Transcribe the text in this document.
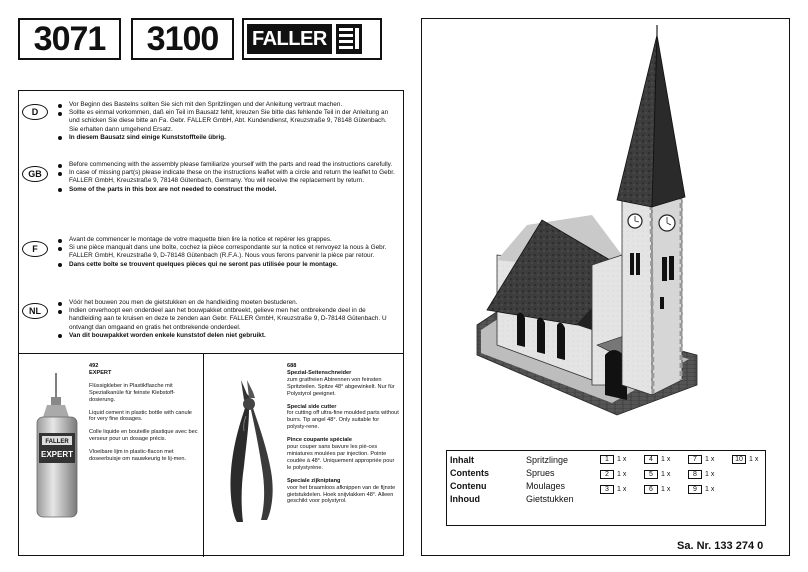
3071 3100 FALLER
D
Vor Beginn des Bastelns sollten Sie sich mit den Spritzlingen und der Anleitung vertraut machen.
Sollte es einmal vorkommen, daß ein Teil im Bausatz fehlt, kreuzen Sie bitte das fehlende Teil in der Anleitung an und schicken Sie diese bitte an Fa. Gebr. FALLER GmbH, Abt. Kundendienst, Kreuzstraße 9, 78148 Gütenbach. Sie erhalten dann umgehend Ersatz.
In diesem Bausatz sind einige Kunststoffteile übrig.
GB
Before commencing with the assembly please familiarize yourself with the parts and read the instructions carefully.
In case of missing part(s) please indicate these on the instructions leaflet with a circle and return the leaflet to Gebr. FALLER GmbH, Kreuzstraße 9, 78148 Gütenbach, Germany. You will receive the replacement by return.
Some of the parts in this box are not needed to construct the model.
F
Avant de commencer le montage de votre maquette bien lire la notice et repérer les grappes.
Si une pièce manquait dans une boîte, cochez la pièce correspondante sur la notice et renvoyez la nous à Gebr. FALLER GmbH, Kreuzstraße 9, D-78148 Gütenbach (R.F.A.). Nous vous ferons parvenir la pièce par retour.
Dans cette boîte se trouvent quelques pièces qui ne seront pas utilisée pour le montage.
NL
Vóór het bouwen zou men de gietstukken en de handleiding moeten bestuderen.
Indien onverhoopt een onderdeel aan het bouwpakket ontbreekt, gelieve men het ontbrekende deel in de handleiding aan te kruisen en deze te zenden aan Gebr. FALLER GmbH, Kreuzstraße 9, D-78148 Gütenbach. U ontvangt dan omgaand en gratis het ontbrekende onderdeel.
Van dit bouwpakket worden enkele kunststof delen niet gebruikt.
FALLER
EXPERT
492
EXPERT
Flüssigkleber in Plastikflasche mit Spezialkanüle für feinste Klebstoff-dosierung.
Liquid cement in plastic bottle with canule for very fine dosages.
Colle liquide en bouteille plastique avec bec verseur pour un dosage précis.
Vloeibare lijm in plastic-flacon met doseerbuisje om nauwkeurig te lij-men.
688
Spezial-Seitenschneider
zum gratfreien Abtrennen von feinsten Spritzteilen. Spitze 48° abgewinkelt. Nur für Polystyrol geeignet.
Special side cutter
for cutting off ultra-fine moulded parts without burrs. Tip angel 48°. Only suitable for polysty-rene.
Pince coupante spéciale
pour couper sans bavure les piè-ces miniatures moulées par injection. Pointe coudée à 48°. Uniquement appropriée pour le polystyrène.
Speciale zijkniptang
voor het braamloos afknippen van de fijnste gietstukdelen. Hoek snijvlakken 48°. Alleen geschikt voor polystyrol.
Inhalt	Spritzlinge
Contents	Sprues
Contenu	Moulages
Inhoud	Gietstukken
1	1 x	4	1 x	7	1 x	10 1 x
2	1 x	5	1 x	8	1 x
3	1 x	6	1 x	9	1 x
Sa. Nr. 133 274 0
